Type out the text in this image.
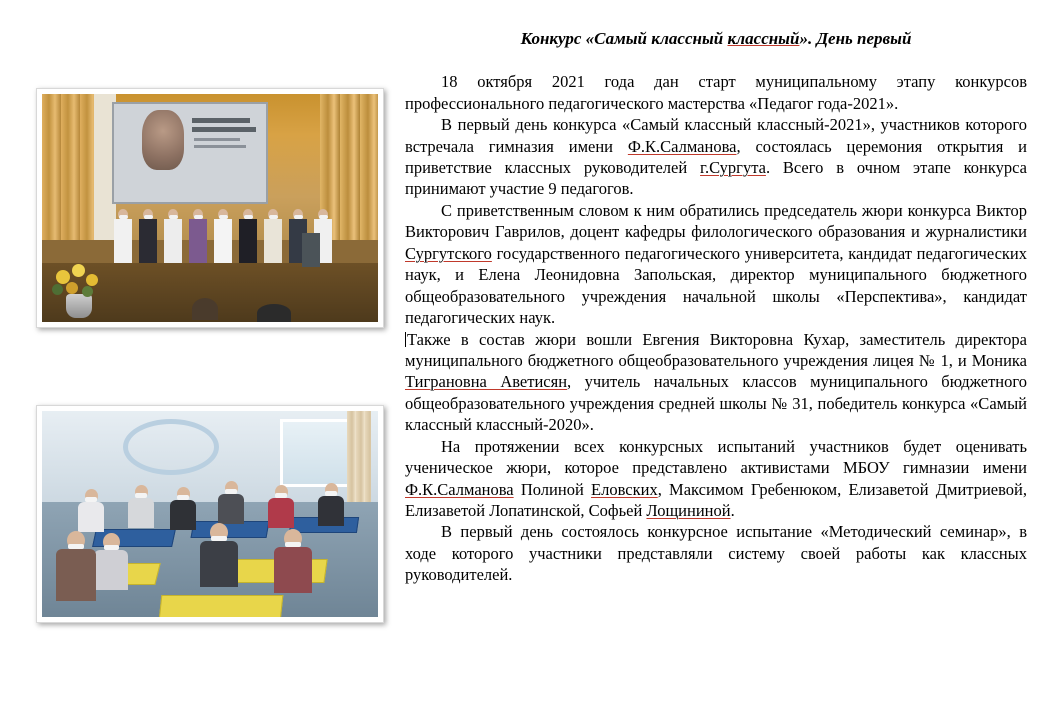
Конкурс «Самый классный классный». День первый

18 октября 2021 года дан старт муниципальному этапу конкурсов профессионального педагогического мастерства «Педагог года-2021».

В первый день конкурса «Самый классный классный-2021», участников которого встречала гимназия имени Ф.К.Салманова, состоялась церемония открытия и приветствие классных руководителей г.Сургута. Всего в очном этапе конкурса принимают участие 9 педагогов.

С приветственным словом к ним обратились председатель жюри конкурса Виктор Викторович Гаврилов, доцент кафедры филологического образования и журналистики Сургутского государственного педагогического университета, кандидат педагогических наук, и Елена Леонидовна Запольская, директор муниципального бюджетного общеобразовательного учреждения начальной школы «Перспектива», кандидат педагогических наук.

Также в состав жюри вошли Евгения Викторовна Кухар, заместитель директора муниципального бюджетного общеобразовательного учреждения лицея № 1, и Моника Тиграновна Аветисян, учитель начальных классов муниципального бюджетного общеобразовательного учреждения средней школы № 31, победитель конкурса «Самый классный классный-2020».

На протяжении всех конкурсных испытаний участников будет оценивать ученическое жюри, которое представлено активистами МБОУ гимназии имени Ф.К.Салманова Полиной Еловских, Максимом Гребенюком, Елизаветой Дмитриевой, Елизаветой Лопатинской, Софьей Лощининой.

В первый день состоялось конкурсное испытание «Методический семинар», в ходе которого участники представляли систему своей работы как классных руководителей.
